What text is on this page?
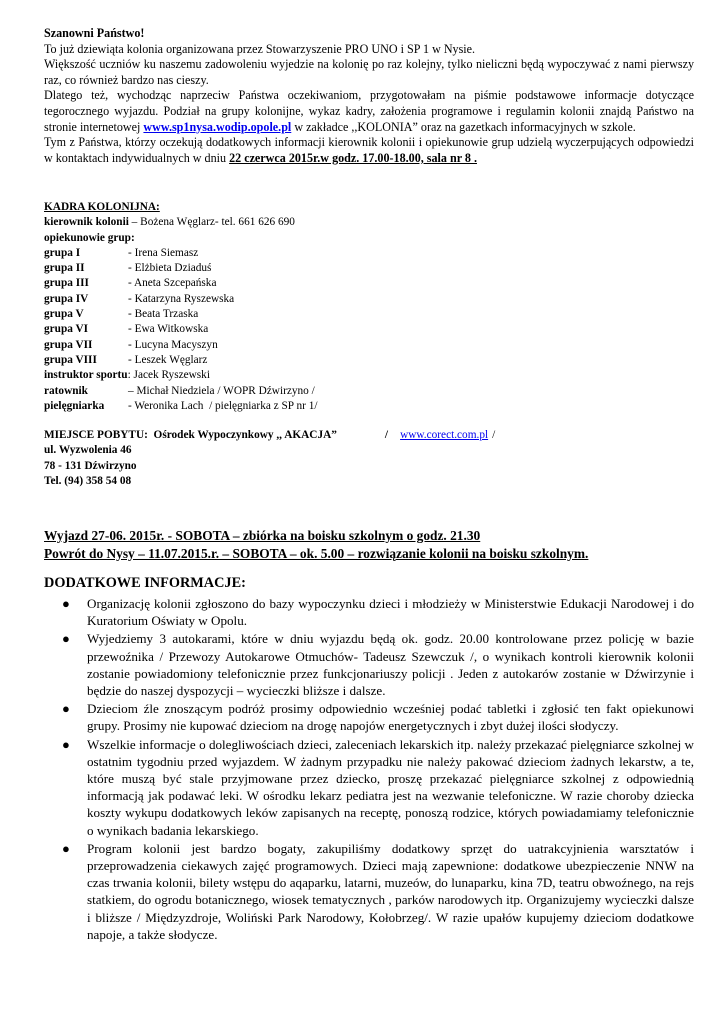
Szanowni Państwo!

To już dziewiąta kolonia organizowana przez Stowarzyszenie PRO UNO i SP 1 w Nysie.

Większość uczniów ku naszemu zadowoleniu wyjedzie na kolonię po raz kolejny, tylko nieliczni będą wypoczywać z nami pierwszy raz, co również bardzo nas cieszy.

Dlatego też, wychodząc naprzeciw Państwa oczekiwaniom, przygotowałam na piśmie podstawowe informacje dotyczące tegorocznego wyjazdu. Podział na grupy kolonijne, wykaz kadry, założenia programowe i regulamin kolonii znajdą Państwo na stronie internetowej www.sp1nysa.wodip.opole.pl w zakładce ,,KOLONIA” oraz na gazetkach informacyjnych w szkole.

Tym z Państwa, którzy oczekują dodatkowych informacji kierownik kolonii i opiekunowie grup udzielą wyczerpujących odpowiedzi w kontaktach indywidualnych w dniu 22 czerwca 2015r.w godz. 17.00-18.00, sala nr 8 .

KADRA KOLONIJNA:
kierownik kolonii – Bożena Węglarz- tel. 661 626 690
opiekunowie grup:
grupa I	- Irena Siemasz
grupa II	- Elżbieta Dziaduś
grupa III	- Aneta Szcepańska
grupa IV	- Katarzyna Ryszewska
grupa V	- Beata Trzaska
grupa VI	- Ewa Witkowska
grupa VII	- Lucyna Macyszyn
grupa VIII	- Leszek Węglarz
instruktor sportu : Jacek Ryszewski
ratownik	– Michał Niedziela / WOPR Dźwirzyno /
pielęgniarka	- Weronika Lach  / pielęgniarka z SP nr 1/
MIEJSCE POBYTU :  Ośrodek Wypoczynkowy ,, AKACJA”	/ www.corect.com.pl /
ul. Wyzwolenia 46
78 - 131 Dźwirzyno
Tel. (94) 358 54 08
Wyjazd 27-06. 2015r. - SOBOTA – zbiórka na boisku szkolnym o godz. 21.30
Powrót do Nysy – 11.07.2015.r. – SOBOTA – ok. 5.00 – rozwiązanie kolonii na boisku szkolnym.
DODATKOWE INFORMACJE:
● Organizację kolonii zgłoszono do bazy wypoczynku dzieci i młodzieży w Ministerstwie Edukacji Narodowej i do Kuratorium Oświaty w Opolu.
● Wyjedziemy 3 autokarami, które w dniu wyjazdu będą ok. godz. 20.00 kontrolowane przez policję w bazie przewoźnika / Przewozy Autokarowe Otmuchów- Tadeusz Szewczuk /, o wynikach kontroli kierownik kolonii zostanie powiadomiony telefonicznie przez funkcjonariuszy policji . Jeden z autokarów zostanie w Dźwirzynie i będzie do naszej dyspozycji – wycieczki bliższe i dalsze.
● Dzieciom źle znoszącym podróż prosimy odpowiednio wcześniej podać tabletki i zgłosić ten fakt opiekunowi grupy. Prosimy nie kupować dzieciom na drogę napojów energetycznych i zbyt dużej ilości słodyczy.
● Wszelkie informacje o dolegliwościach dzieci, zaleceniach lekarskich itp. należy przekazać pielęgniarce szkolnej w ostatnim tygodniu przed wyjazdem. W żadnym przypadku nie należy pakować dzieciom żadnych lekarstw, a te, które muszą być stale przyjmowane przez dziecko, proszę przekazać pielęgniarce szkolnej z odpowiednią informacją jak podawać leki. W ośrodku lekarz pediatra jest na wezwanie telefoniczne. W razie choroby dziecka koszty wykupu dodatkowych leków zapisanych na receptę, ponoszą rodzice, których powiadamiamy telefonicznie o wynikach badania lekarskiego.
● Program kolonii jest bardzo bogaty, zakupiliśmy dodatkowy sprzęt do uatrakcyjnienia warsztatów i przeprowadzenia ciekawych zajęć programowych. Dzieci mają zapewnione: dodatkowe ubezpieczenie NNW na czas trwania kolonii, bilety wstępu do aqaparku, latarni, muzeów, do lunaparku, kina 7D, teatru obwoźnego, na rejs statkiem, do ogrodu botanicznego, wiosek tematycznych , parków narodowych itp. Organizujemy wycieczki dalsze i bliższe / Międzyzdroje, Woliński Park Narodowy, Kołobrzeg/. W razie upałów kupujemy dzieciom dodatkowe napoje, a także słodycze.
